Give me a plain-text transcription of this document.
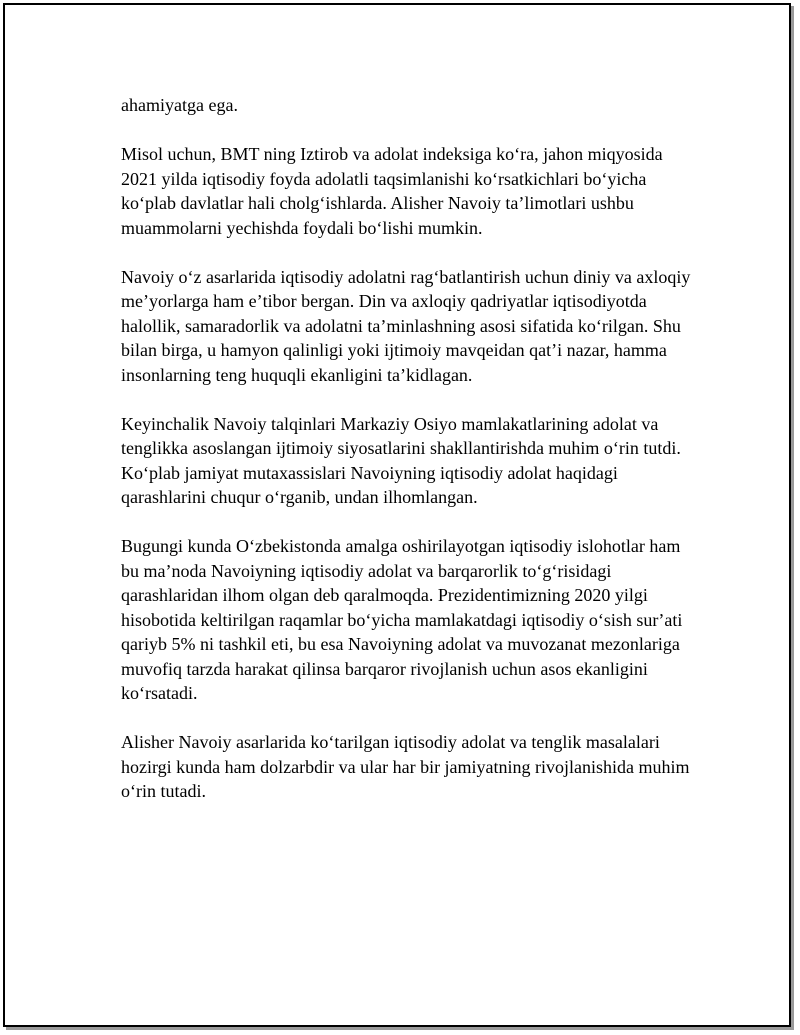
ahamiyatga ega.

Misol uchun, BMT ning Iztirob va adolat indeksiga koʻra, jahon miqyosida 2021 yilda iqtisodiy foyda adolatli taqsimlanishi koʻrsatkichlari boʻyicha koʻplab davlatlar hali cholgʻishlarda. Alisher Navoiy taʼlimotlari ushbu muammolarni yechishda foydali boʻlishi mumkin.

Navoiy oʻz asarlarida iqtisodiy adolatni ragʻbatlantirish uchun diniy va axloqiy meʼyorlarga ham eʼtibor bergan. Din va axloqiy qadriyatlar iqtisodiyotda halollik, samaradorlik va adolatni taʼminlashning asosi sifatida koʻrilgan. Shu bilan birga, u hamyon qalinligi yoki ijtimoiy mavqeidan qatʼi nazar, hamma insonlarning teng huquqli ekanligini taʼkidlagan.

Keyinchalik Navoiy talqinlari Markaziy Osiyo mamlakatlarining adolat va tenglikka asoslangan ijtimoiy siyosatlarini shakllantirishda muhim oʻrin tutdi. Koʻplab jamiyat mutaxassislari Navoiyning iqtisodiy adolat haqidagi qarashlarini chuqur oʻrganib, undan ilhomlangan.

Bugungi kunda Oʻzbekistonda amalga oshirilayotgan iqtisodiy islohotlar ham bu maʼnoda Navoiyning iqtisodiy adolat va barqarorlik toʻgʻrisidagi qarashlaridan ilhom olgan deb qaralmoqda. Prezidentimizning 2020 yilgi hisobotida keltirilgan raqamlar boʻyicha mamlakatdagi iqtisodiy oʻsish surʼati qariyb 5% ni tashkil eti, bu esa Navoiyning adolat va muvozanat mezonlariga muvofiq tarzda harakat qilinsa barqaror rivojlanish uchun asos ekanligini koʻrsatadi.

Alisher Navoiy asarlarida koʻtarilgan iqtisodiy adolat va tenglik masalalari hozirgi kunda ham dolzarbdir va ular har bir jamiyatning rivojlanishida muhim oʻrin tutadi.
